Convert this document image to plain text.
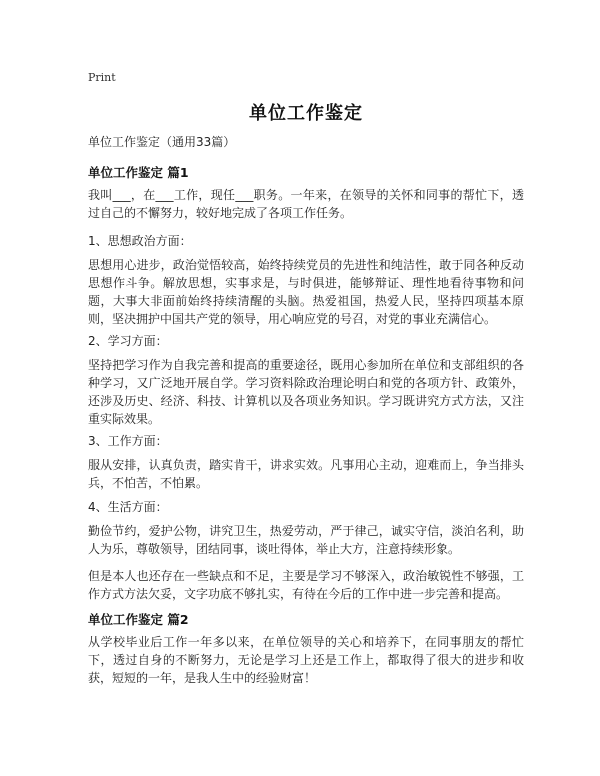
Print
单位工作鉴定
单位工作鉴定（通用33篇）
单位工作鉴定 篇1
我叫___，在___工作，现任___职务。一年来，在领导的关怀和同事的帮忙下，透过自己的不懈努力，较好地完成了各项工作任务。
1、思想政治方面：
思想用心进步，政治觉悟较高，始终持续党员的先进性和纯洁性，敢于同各种反动思想作斗争。解放思想，实事求是，与时俱进，能够辩证、理性地看待事物和问题，大事大非面前始终持续清醒的头脑。热爱祖国，热爱人民，坚持四项基本原则，坚决拥护中国共产党的领导，用心响应党的号召，对党的事业充满信心。
2、学习方面：
坚持把学习作为自我完善和提高的重要途径，既用心参加所在单位和支部组织的各种学习，又广泛地开展自学。学习资料除政治理论明白和党的各项方针、政策外，还涉及历史、经济、科技、计算机以及各项业务知识。学习既讲究方式方法，又注重实际效果。
3、工作方面：
服从安排，认真负责，踏实肯干，讲求实效。凡事用心主动，迎难而上，争当排头兵，不怕苦，不怕累。
4、生活方面：
勤俭节约，爱护公物，讲究卫生，热爱劳动，严于律己，诚实守信，淡泊名利，助人为乐，尊敬领导，团结同事，谈吐得体，举止大方，注意持续形象。
但是本人也还存在一些缺点和不足，主要是学习不够深入，政治敏锐性不够强，工作方式方法欠妥，文字功底不够扎实，有待在今后的工作中进一步完善和提高。
单位工作鉴定 篇2
从学校毕业后工作一年多以来，在单位领导的关心和培养下，在同事朋友的帮忙下，透过自身的不断努力，无论是学习上还是工作上，都取得了很大的进步和收获，短短的一年，是我人生中的经验财富！
